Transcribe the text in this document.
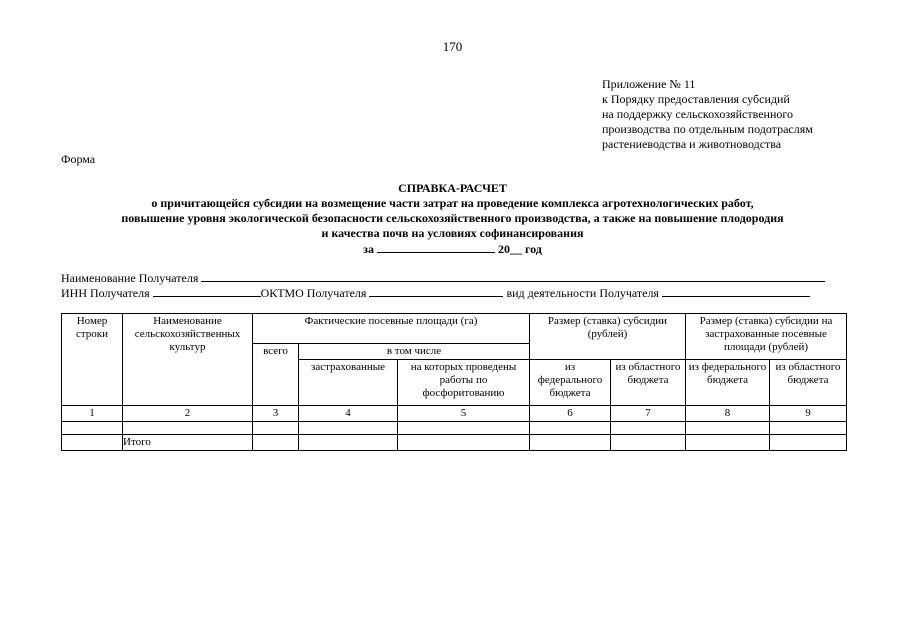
170
Приложение № 11
к Порядку предоставления субсидий
на поддержку сельскохозяйственного
производства по отдельным подотраслям
растениеводства и животноводства
Форма
СПРАВКА-РАСЧЕТ
о причитающейся субсидии на возмещение части затрат на проведение комплекса агротехнологических работ,
повышение уровня экологической безопасности сельскохозяйственного производства, а также на повышение плодородия
и качества почв на условиях софинансирования
за	20__ год
Наименование Получателя
ИНН Получателя	ОКТМО Получателя	вид деятельности Получателя
Номер строки	Наименование сельскохозяйственных культур	Фактические посевные площади (га)			Размер (ставка) субсидии (рублей)		Размер (ставка) субсидии на застрахованные посевные площади (рублей)	
		всего	в том числе					
			застрахованные	на которых проведены работы по фосфоритованию	из федерального бюджета	из областного бюджета	из федерального бюджета	из областного бюджета
1	2	3	4	5	6	7	8	9

	Итого							
